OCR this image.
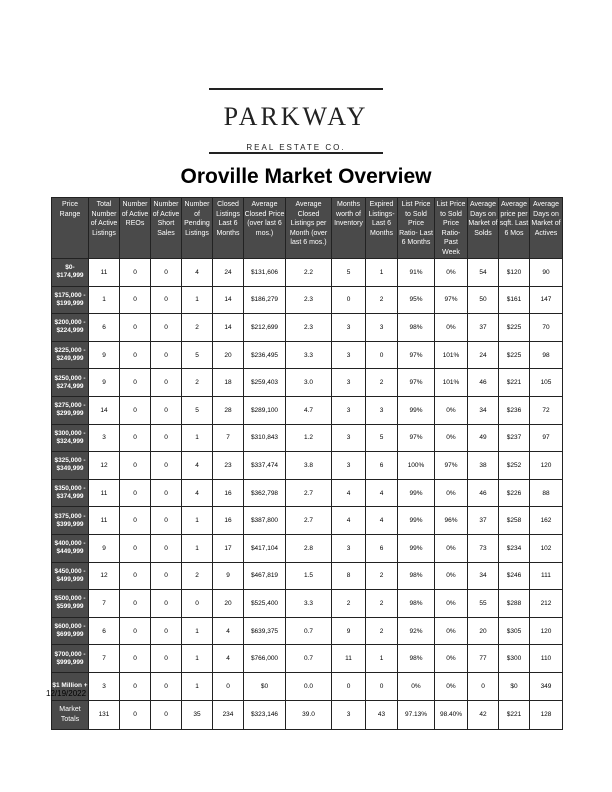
PARKWAY
REAL ESTATE CO.
Oroville Market Overview
Price Range	Total Number of Active Listings	Number of Active REOs	Number of Active Short Sales	Number of Pending Listings	Closed Listings Last 6 Months	Average Closed Price (over last 6 mos.)	Average Closed Listings per Month (over last 6 mos.)	Months worth of Inventory	Expired Listings- Last 6 Months	List Price to Sold Price Ratio- Last 6 Months	List Price to Sold Price Ratio- Past Week	Average Days on Market of Solds	Average price per sqft. Last 6 Mos	Average Days on Market of Actives
$0- $174,999	11	0	0	4	24	$131,606	2.2	5	1	91%	0%	54	$120	90
$175,000 - $199,999	1	0	0	1	14	$186,279	2.3	0	2	95%	97%	50	$161	147
$200,000 - $224,999	6	0	0	2	14	$212,699	2.3	3	3	98%	0%	37	$225	70
$225,000 - $249,999	9	0	0	5	20	$236,495	3.3	3	0	97%	101%	24	$225	98
$250,000 - $274,999	9	0	0	2	18	$259,403	3.0	3	2	97%	101%	46	$221	105
$275,000 - $299,999	14	0	0	5	28	$289,100	4.7	3	3	99%	0%	34	$236	72
$300,000 - $324,999	3	0	0	1	7	$310,843	1.2	3	5	97%	0%	49	$237	97
$325,000 - $349,999	12	0	0	4	23	$337,474	3.8	3	6	100%	97%	38	$252	120
$350,000 - $374,999	11	0	0	4	16	$362,798	2.7	4	4	99%	0%	46	$226	88
$375,000 - $399,999	11	0	0	1	16	$387,800	2.7	4	4	99%	96%	37	$258	162
$400,000 - $449,999	9	0	0	1	17	$417,104	2.8	3	6	99%	0%	73	$234	102
$450,000 - $499,999	12	0	0	2	9	$467,819	1.5	8	2	98%	0%	34	$246	111
$500,000 - $599,999	7	0	0	0	20	$525,400	3.3	2	2	98%	0%	55	$288	212
$600,000 - $699,999	6	0	0	1	4	$639,375	0.7	9	2	92%	0%	20	$305	120
$700,000 - $999,999	7	0	0	1	4	$766,000	0.7	11	1	98%	0%	77	$300	110
$1 Million +	3	0	0	1	0	$0	0.0	0	0	0%	0%	0	$0	349
Market Totals	131	0	0	35	234	$323,146	39.0	3	43	97.13%	98.40%	42	$221	128
12/19/2022
